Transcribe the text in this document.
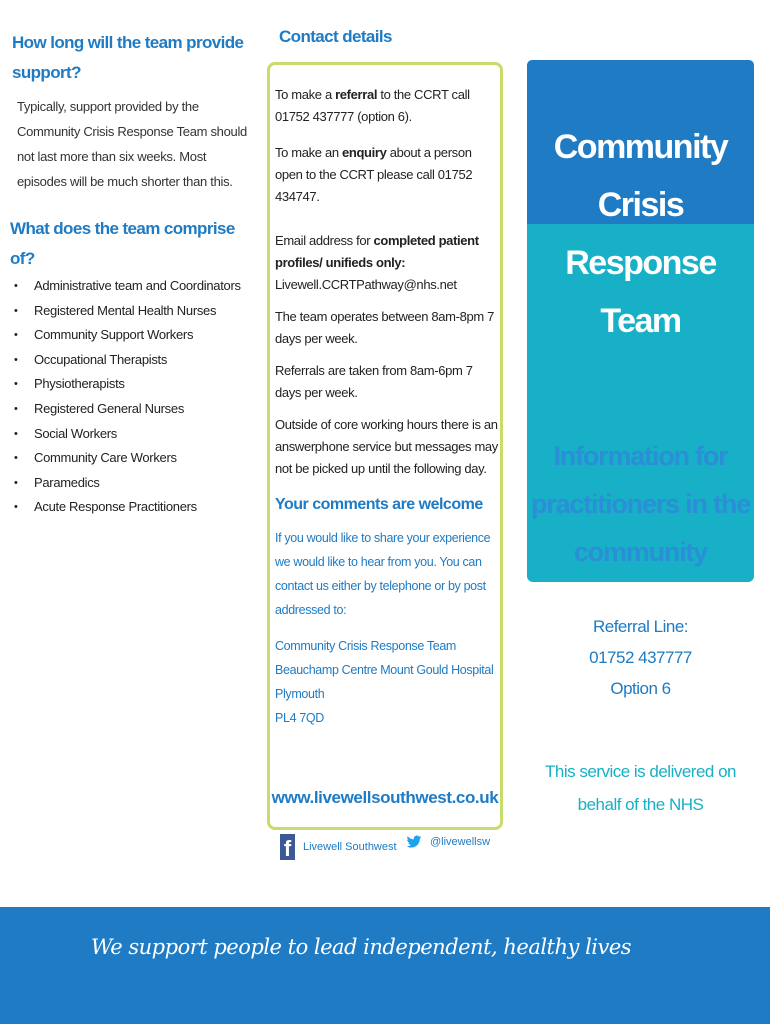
How long will the team provide support?

Typically, support provided by the Community Crisis Response Team should not last more than six weeks. Most episodes will be much shorter than this.

What does the team comprise of?
• Administrative team and Coordinators
• Registered Mental Health Nurses
• Community Support Workers
• Occupational Therapists
• Physiotherapists
• Registered General Nurses
• Social Workers
• Community Care Workers
• Paramedics
• Acute Response Practitioners
Contact details

To make a referral to the CCRT call 01752 437777 (option 6).

To make an enquiry about a person open to the CCRT please call 01752 434747.

Email address for completed patient profiles/ unifieds only:
Livewell.CCRTPathway@nhs.net

The team operates between 8am-8pm 7 days per week.

Referrals are taken from 8am-6pm 7 days per week.

Outside of core working hours there is an answerphone service but messages may not be picked up until the following day.

Your comments are welcome

If you would like to share your experience we would like to hear from you. You can contact us either by telephone or by post addressed to:

Community Crisis Response Team
Beauchamp Centre Mount Gould Hospital
Plymouth
PL4 7QD
www.livewellsouthwest.co.uk
f	Livewell Southwest	@livewellsw
Community
Crisis Response
Team
Information for
practitioners in the
community
Referral Line:
01752 437777
Option 6
This service is delivered on
behalf of the NHS
We support people to lead independent, healthy lives
